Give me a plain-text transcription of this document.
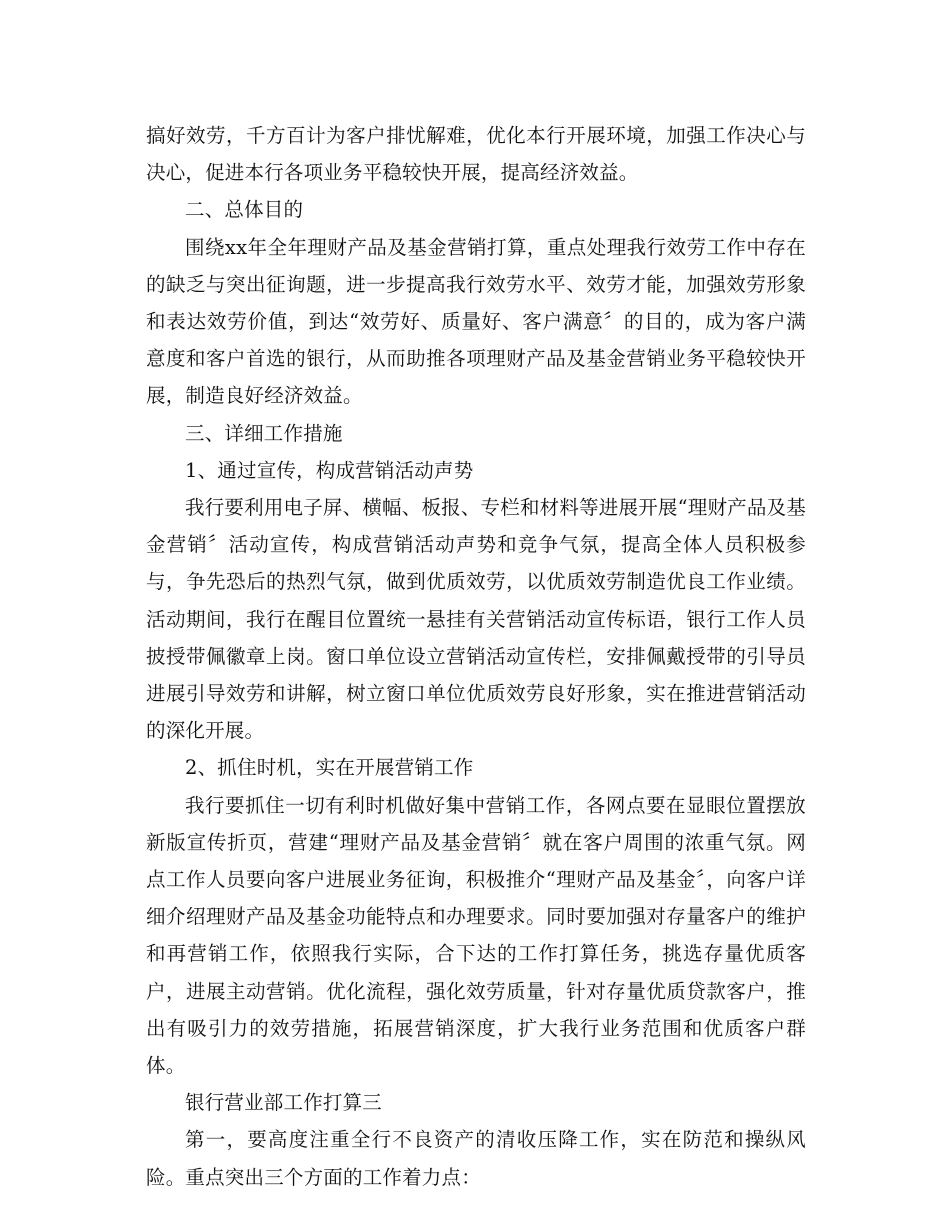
搞好效劳，千方百计为客户排忧解难，优化本行开展环境，加强工作决心与决心，促进本行各项业务平稳较快开展，提高经济效益。

二、总体目的

围绕xx年全年理财产品及基金营销打算，重点处理我行效劳工作中存在的缺乏与突出征询题，进一步提高我行效劳水平、效劳才能，加强效劳形象和表达效劳价值，到达“效劳好、质量好、客户满意〞的目的，成为客户满意度和客户首选的银行，从而助推各项理财产品及基金营销业务平稳较快开展，制造良好经济效益。

三、详细工作措施

1、通过宣传，构成营销活动声势

我行要利用电子屏、横幅、板报、专栏和材料等进展开展“理财产品及基金营销〞活动宣传，构成营销活动声势和竞争气氛，提高全体人员积极参与，争先恐后的热烈气氛，做到优质效劳，以优质效劳制造优良工作业绩。活动期间，我行在醒目位置统一悬挂有关营销活动宣传标语，银行工作人员披授带佩徽章上岗。窗口单位设立营销活动宣传栏，安排佩戴授带的引导员进展引导效劳和讲解，树立窗口单位优质效劳良好形象，实在推进营销活动的深化开展。

2、抓住时机，实在开展营销工作

我行要抓住一切有利时机做好集中营销工作，各网点要在显眼位置摆放新版宣传折页，营建“理财产品及基金营销〞就在客户周围的浓重气氛。网点工作人员要向客户进展业务征询，积极推介“理财产品及基金〞，向客户详细介绍理财产品及基金功能特点和办理要求。同时要加强对存量客户的维护和再营销工作，依照我行实际，合下达的工作打算任务，挑选存量优质客户，进展主动营销。优化流程，强化效劳质量，针对存量优质贷款客户，推出有吸引力的效劳措施，拓展营销深度，扩大我行业务范围和优质客户群体。

银行营业部工作打算三

第一，要高度注重全行不良资产的清收压降工作，实在防范和操纵风险。重点突出三个方面的工作着力点：
